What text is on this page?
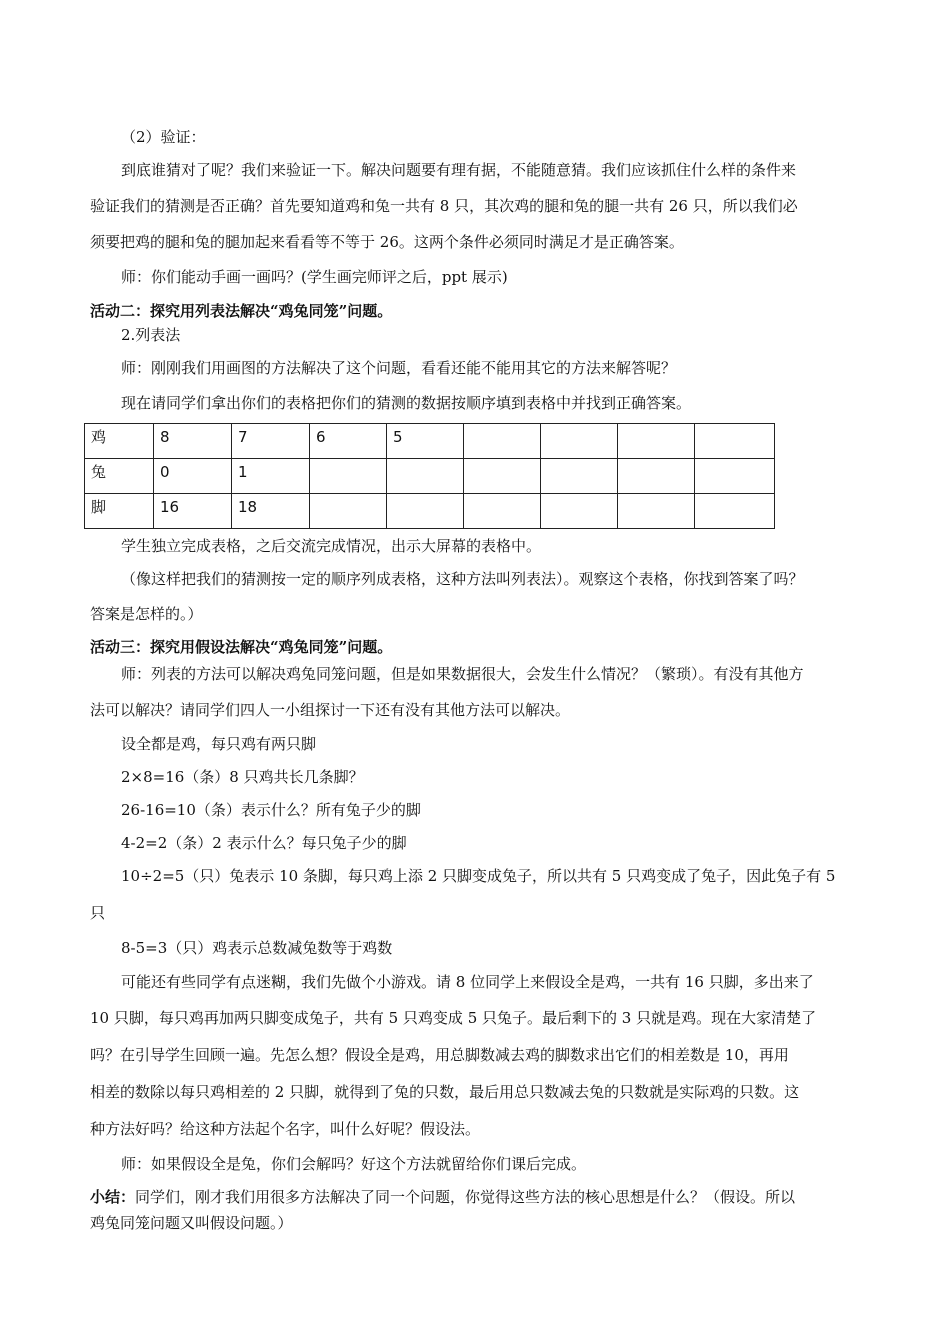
（2）验证：
到底谁猜对了呢？我们来验证一下。解决问题要有理有据，不能随意猜。我们应该抓住什么样的条件来
验证我们的猜测是否正确？首先要知道鸡和兔一共有 8 只，其次鸡的腿和兔的腿一共有 26 只，所以我们必
须要把鸡的腿和兔的腿加起来看看等不等于 26。这两个条件必须同时满足才是正确答案。
师：你们能动手画一画吗？(学生画完师评之后，ppt 展示)
活动二：探究用列表法解决“鸡兔同笼”问题。
2.列表法
师：刚刚我们用画图的方法解决了这个问题，看看还能不能用其它的方法来解答呢？
现在请同学们拿出你们的表格把你们的猜测的数据按顺序填到表格中并找到正确答案。
鸡	8	7	6	5				
兔	0	1						
脚	16	18						
学生独立完成表格，之后交流完成情况，出示大屏幕的表格中。
（像这样把我们的猜测按一定的顺序列成表格，这种方法叫列表法）。观察这个表格，你找到答案了吗？
答案是怎样的。）
活动三：探究用假设法解决“鸡兔同笼”问题。
师：列表的方法可以解决鸡兔同笼问题，但是如果数据很大，会发生什么情况？（繁琐）。有没有其他方
法可以解决？请同学们四人一小组探讨一下还有没有其他方法可以解决。
设全都是鸡，每只鸡有两只脚
2×8=16（条）8 只鸡共长几条脚？
26-16=10（条）表示什么？所有兔子少的脚
4-2=2（条）2 表示什么？每只兔子少的脚
10÷2=5（只）兔表示 10 条脚，每只鸡上添 2 只脚变成兔子，所以共有 5 只鸡变成了兔子，因此兔子有 5
只
8-5=3（只）鸡表示总数减兔数等于鸡数
可能还有些同学有点迷糊，我们先做个小游戏。请 8 位同学上来假设全是鸡，一共有 16 只脚，多出来了
10 只脚，每只鸡再加两只脚变成兔子，共有 5 只鸡变成 5 只兔子。最后剩下的 3 只就是鸡。现在大家清楚了
吗？在引导学生回顾一遍。先怎么想？假设全是鸡，用总脚数减去鸡的脚数求出它们的相差数是 10，再用
相差的数除以每只鸡相差的 2 只脚，就得到了兔的只数，最后用总只数减去兔的只数就是实际鸡的只数。这
种方法好吗？给这种方法起个名字，叫什么好呢？假设法。
师：如果假设全是兔，你们会解吗？好这个方法就留给你们课后完成。
小结：同学们，刚才我们用很多方法解决了同一个问题，你觉得这些方法的核心思想是什么？（假设。所以
鸡兔同笼问题又叫假设问题。）
